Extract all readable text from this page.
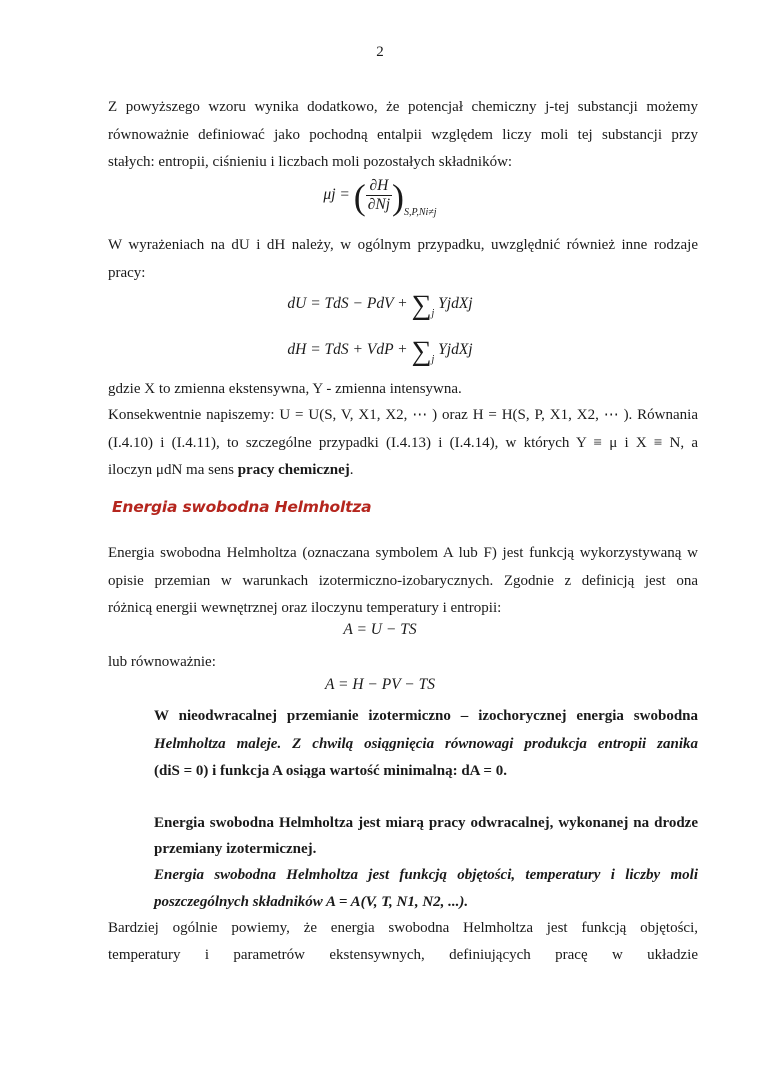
2

Z powyższego wzoru wynika dodatkowo, że potencjał chemiczny j-tej substancji możemy

równoważnie definiować jako pochodną entalpii względem liczy moli tej substancji przy

stałych: entropii, ciśnieniu i liczbach moli pozostałych składników:

μj = ( $\frac{\partial H}{\partial Nj} )_{S,P,Ni\ne j}$

W wyrażeniach na dU i dH należy, w ogólnym przypadku, uwzględnić również inne rodzaje

pracy:

dU = TdS − PdV + $\sum_j$ YjdXj
dH = TdS + VdP + $\sum_j$ YjdXj

gdzie X to zmienna ekstensywna, Y - zmienna intensywna.

Konsekwentnie napiszemy: U = U(S, V, X1, X2, ⋯ ) oraz H = H(S, P, X1, X2, ⋯ ). Równania

(I.4.10) i (I.4.11), to szczególne przypadki (I.4.13) i (I.4.14), w których Y ≡ μ i X ≡ N, a

iloczyn μdN ma sens pracy chemicznej.

Energia swobodna Helmholtza

Energia swobodna Helmholtza (oznaczana symbolem A lub F) jest funkcją wykorzystywaną w

opisie przemian w warunkach izotermiczno-izobarycznych. Zgodnie z definicją jest ona

różnicą energii wewnętrznej oraz iloczynu temperatury i entropii:

A = U − TS

lub równoważnie:

A = H − PV − TS

W nieodwracalnej przemianie izotermiczno – izochorycznej energia swobodna

Helmholtza maleje. Z chwilą osiągnięcia równowagi produkcja entropii zanika

(diS = 0) i funkcja A osiąga wartość minimalną: dA = 0.

Energia swobodna Helmholtza jest miarą pracy odwracalnej, wykonanej na drodze

przemiany izotermicznej.

Energia swobodna Helmholtza jest funkcją objętości, temperatury i liczby moli

poszczególnych składników A = A(V, T, N1, N2, ...).

Bardziej ogólnie powiemy, że energia swobodna Helmholtza jest funkcją objętości,

temperatury i parametrów ekstensywnych, definiujących pracę w układzie
